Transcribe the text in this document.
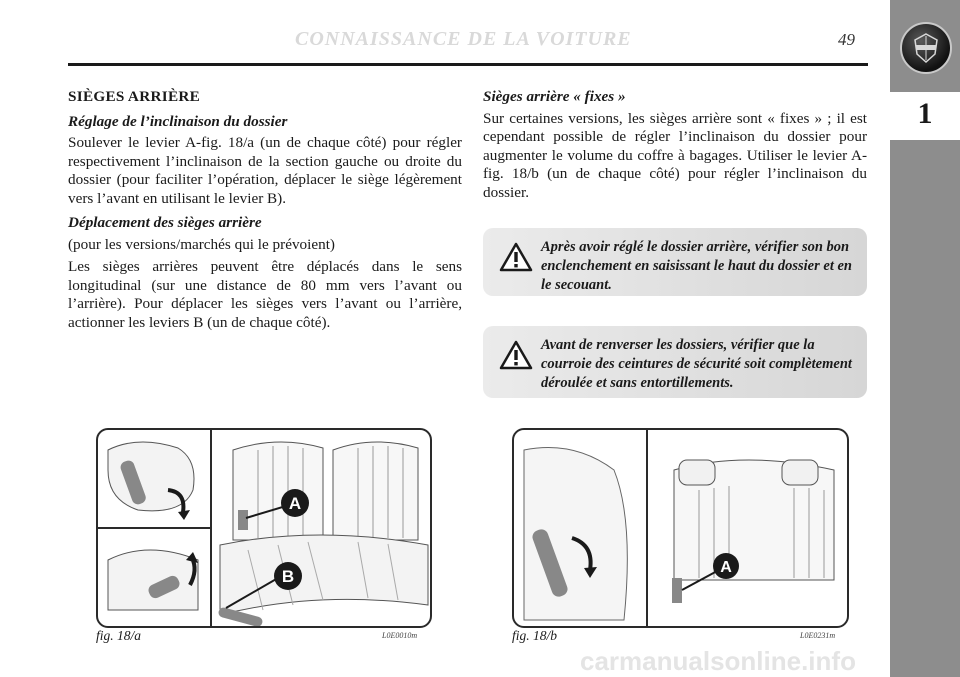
CONNAISSANCE DE LA VOITURE	49
1

SIÈGES ARRIÈRE

Réglage de l’inclinaison du dossier

Soulever le levier A-fig. 18/a (un de chaque côté) pour régler respectivement l’inclinaison de la section gauche ou droite du dossier (pour faciliter l’opération, déplacer le siège légèrement vers l’avant en utilisant le levier B).

Déplacement des sièges arrière

(pour les versions/marchés qui le prévoient)

Les sièges arrières peuvent être déplacés dans le sens longitudinal (sur une distance de 80 mm vers l’avant ou l’arrière). Pour déplacer les sièges vers l’avant ou l’arrière, actionner les leviers B (un de chaque côté).

Sièges arrière « fixes »

Sur certaines versions, les sièges arrière sont « fixes » ; il est cependant possible de régler l’inclinaison du dossier pour augmenter le volume du coffre à bagages. Utiliser le levier A-fig. 18/b (un de chaque côté) pour régler l’inclinaison du dossier.

Après avoir réglé le dossier arrière, vérifier son bon enclenchement en saisissant le haut du dossier et en le secouant.
Avant de renverser les dossiers, vérifier que la courroie des ceintures de sécurité soit complètement déroulée et sans entortillements.
A
B
fig. 18/a	L0E0010m
A
fig. 18/b	L0E0231m
carmanualsonline.info
